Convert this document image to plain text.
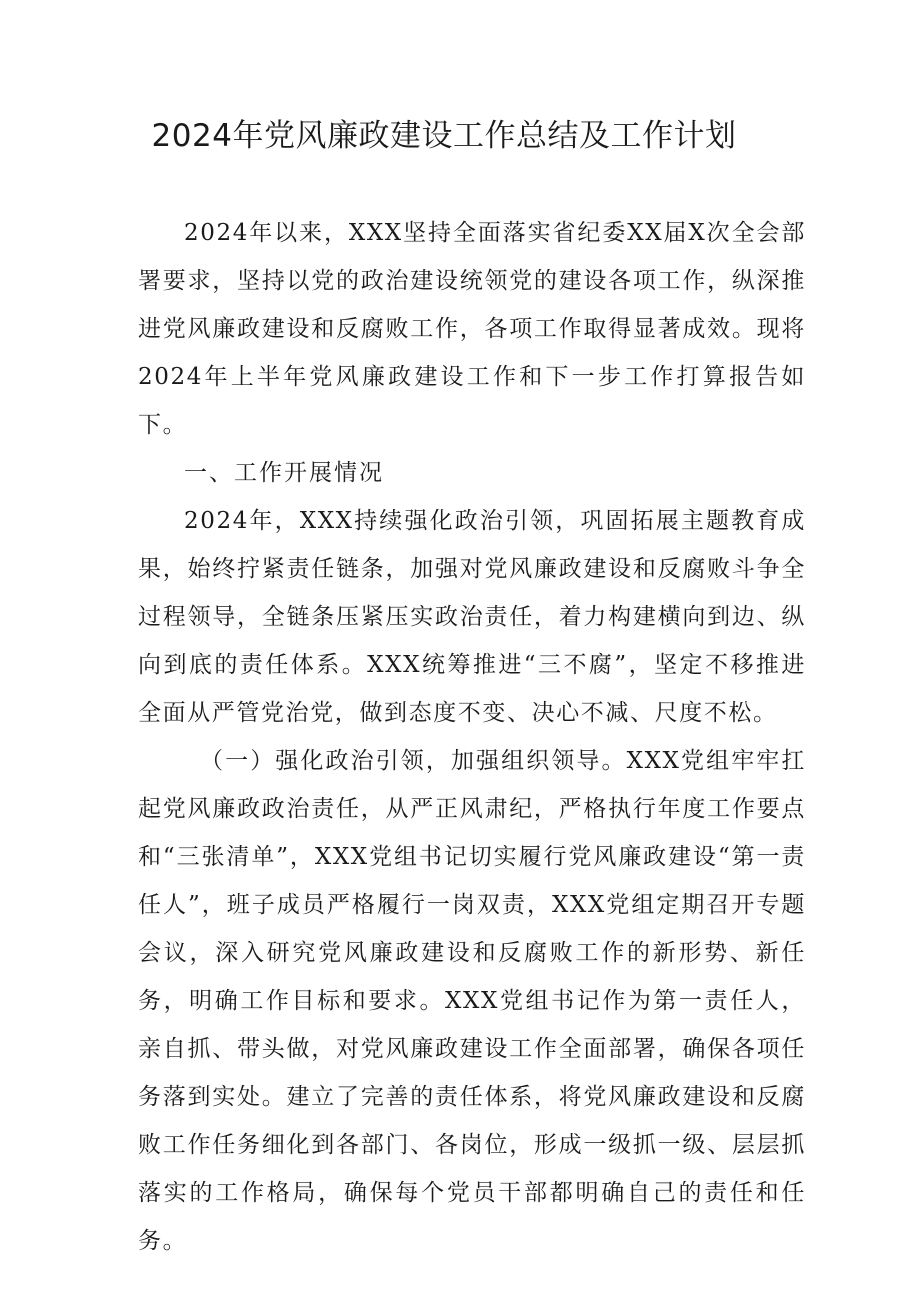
2024年党风廉政建设工作总结及工作计划

2024年以来，XXX坚持全面落实省纪委XX届X次全会部署要求，坚持以党的政治建设统领党的建设各项工作，纵深推进党风廉政建设和反腐败工作，各项工作取得显著成效。现将2024年上半年党风廉政建设工作和下一步工作打算报告如下。

一、工作开展情况

2024年，XXX持续强化政治引领，巩固拓展主题教育成果，始终拧紧责任链条，加强对党风廉政建设和反腐败斗争全过程领导，全链条压紧压实政治责任，着力构建横向到边、纵向到底的责任体系。XXX统筹推进“三不腐”，坚定不移推进全面从严管党治党，做到态度不变、决心不减、尺度不松。

（一）强化政治引领，加强组织领导。XXX党组牢牢扛起党风廉政政治责任，从严正风肃纪，严格执行年度工作要点和“三张清单”，XXX党组书记切实履行党风廉政建设“第一责任人”，班子成员严格履行一岗双责，XXX党组定期召开专题会议，深入研究党风廉政建设和反腐败工作的新形势、新任务，明确工作目标和要求。XXX党组书记作为第一责任人，亲自抓、带头做，对党风廉政建设工作全面部署，确保各项任务落到实处。建立了完善的责任体系，将党风廉政建设和反腐败工作任务细化到各部门、各岗位，形成一级抓一级、层层抓落实的工作格局，确保每个党员干部都明确自己的责任和任务。
